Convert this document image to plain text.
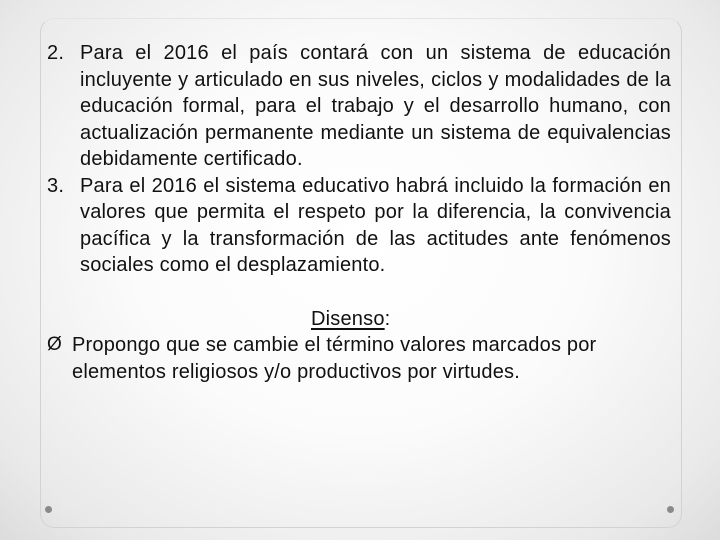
2. Para el 2016 el país contará con un sistema de educación incluyente y articulado en sus niveles, ciclos y modalidades de la educación formal, para el trabajo y el desarrollo humano, con actualización permanente mediante un sistema de equivalencias debidamente certificado.
3. Para el 2016 el sistema educativo habrá incluido la formación en valores que permita el respeto por la diferencia, la convivencia pacífica y la transformación de las actitudes ante fenómenos sociales como el desplazamiento.
Disenso:
Ø Propongo que se cambie el término valores marcados por elementos religiosos y/o productivos por virtudes.
